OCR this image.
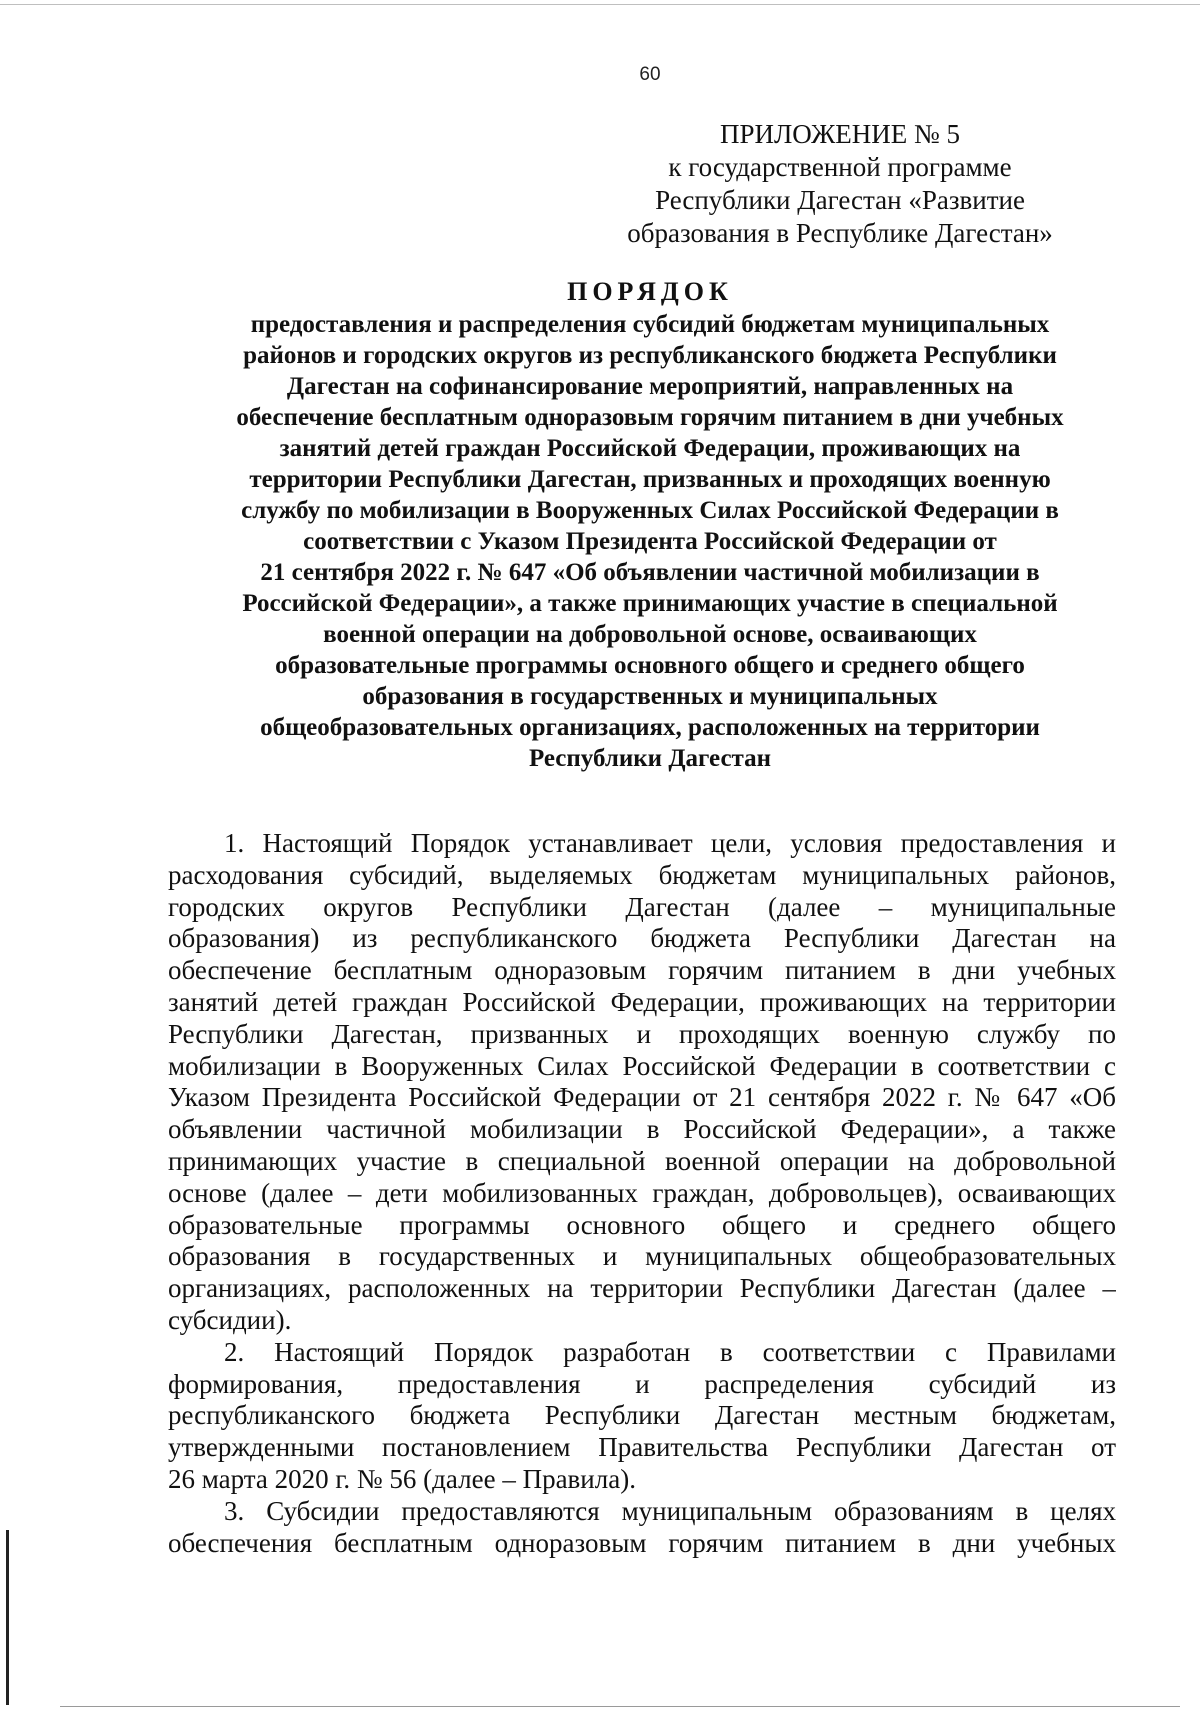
60
ПРИЛОЖЕНИЕ № 5
к государственной программе
Республики Дагестан «Развитие
образования в Республике Дагестан»
ПОРЯДОК
предоставления и распределения субсидий бюджетам муниципальных
районов и городских округов из республиканского бюджета Республики
Дагестан на софинансирование мероприятий, направленных на
обеспечение бесплатным одноразовым горячим питанием в дни учебных
занятий детей граждан Российской Федерации, проживающих на
территории Республики Дагестан, призванных и проходящих военную
службу по мобилизации в Вооруженных Силах Российской Федерации в
соответствии с Указом Президента Российской Федерации от
21 сентября 2022 г. № 647 «Об объявлении частичной мобилизации в
Российской Федерации», а также принимающих участие в специальной
военной операции на добровольной основе, осваивающих
образовательные программы основного общего и среднего общего
образования в государственных и муниципальных
общеобразовательных организациях, расположенных на территории
Республики Дагестан
1. Настоящий Порядок устанавливает цели, условия предоставления и
расходования субсидий, выделяемых бюджетам муниципальных районов,
городских округов Республики Дагестан (далее – муниципальные
образования) из республиканского бюджета Республики Дагестан на
обеспечение бесплатным одноразовым горячим питанием в дни учебных
занятий детей граждан Российской Федерации, проживающих на территории
Республики Дагестан, призванных и проходящих военную службу по
мобилизации в Вооруженных Силах Российской Федерации в соответствии с
Указом Президента Российской Федерации от 21 сентября 2022 г. № 647 «Об
объявлении частичной мобилизации в Российской Федерации», а также
принимающих участие в специальной военной операции на добровольной
основе (далее – дети мобилизованных граждан, добровольцев), осваивающих
образовательные программы основного общего и среднего общего
образования в государственных и муниципальных общеобразовательных
организациях, расположенных на территории Республики Дагестан (далее –
субсидии).
2. Настоящий Порядок разработан в соответствии с Правилами
формирования, предоставления и распределения субсидий из
республиканского бюджета Республики Дагестан местным бюджетам,
утвержденными постановлением Правительства Республики Дагестан от
26 марта 2020 г. № 56 (далее – Правила).
3. Субсидии предоставляются муниципальным образованиям в целях
обеспечения бесплатным одноразовым горячим питанием в дни учебных
